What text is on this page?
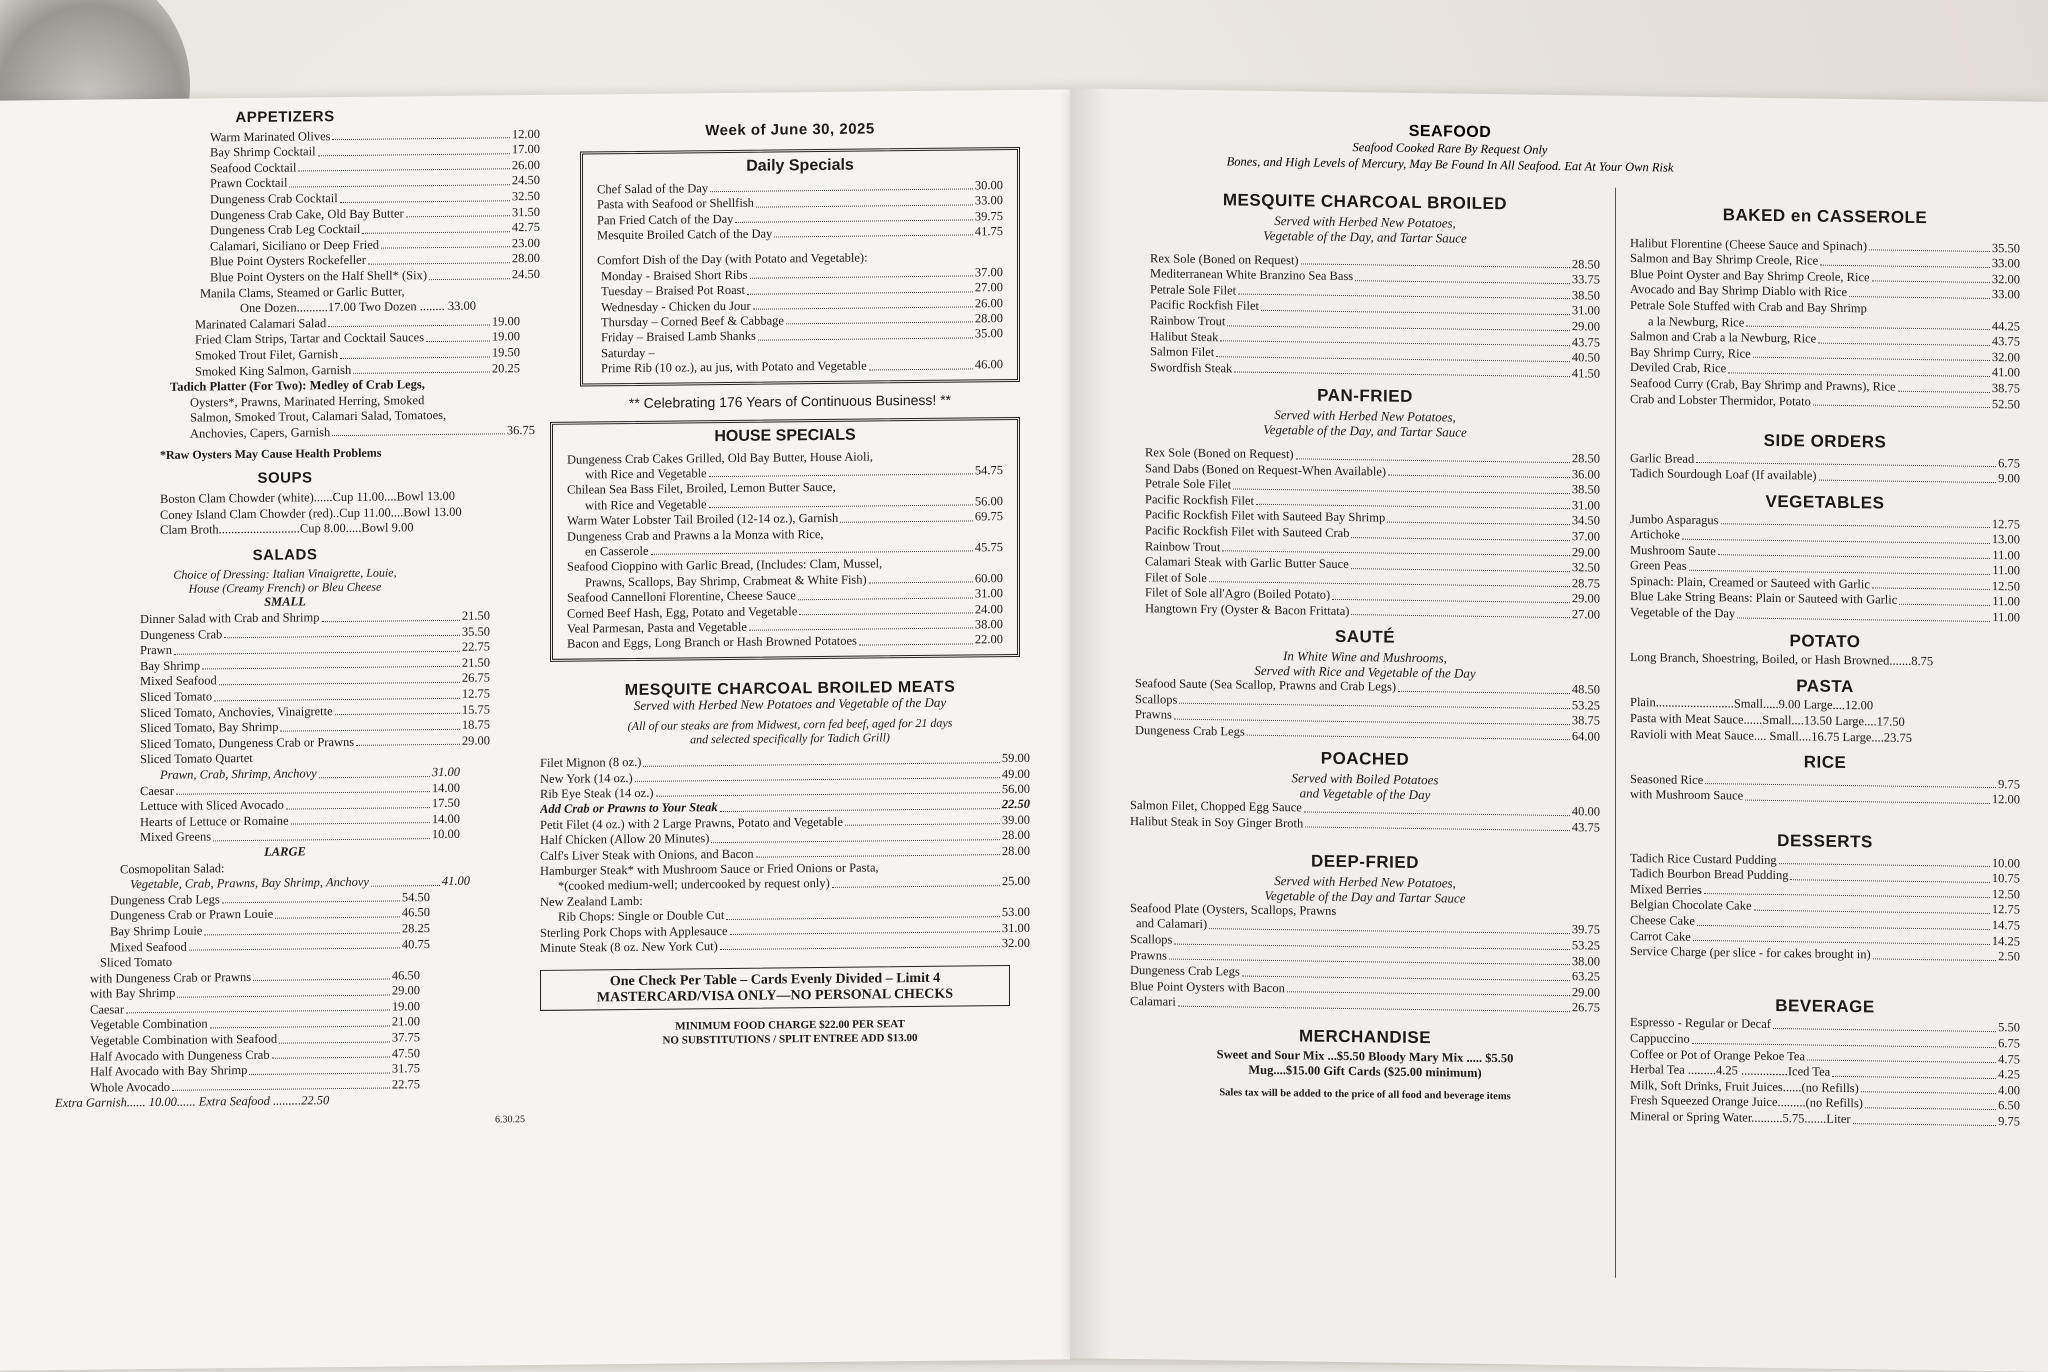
APPETIZERS
Warm Marinated Olives	12.00
Bay Shrimp Cocktail	17.00
Seafood Cocktail	26.00
Prawn Cocktail	24.50
Dungeness Crab Cocktail	32.50
Dungeness Crab Cake, Old Bay Butter	31.50
Dungeness Crab Leg Cocktail	42.75
Calamari, Siciliano or Deep Fried	23.00
Blue Point Oysters Rockefeller	28.00
Blue Point Oysters on the Half Shell* (Six)	24.50
Manila Clams, Steamed or Garlic Butter,
One Dozen..........17.00 Two Dozen ........ 33.00
Marinated Calamari Salad	19.00
Fried Clam Strips, Tartar and Cocktail Sauces	19.00
Smoked Trout Filet, Garnish	19.50
Smoked King Salmon, Garnish	20.25
Tadich Platter (For Two): Medley of Crab Legs,
Oysters*, Prawns, Marinated Herring, Smoked
Salmon, Smoked Trout, Calamari Salad, Tomatoes,
Anchovies, Capers, Garnish	36.75
*Raw Oysters May Cause Health Problems
SOUPS
Boston Clam Chowder (white)......Cup 11.00....Bowl 13.00
Coney Island Clam Chowder (red)..Cup 11.00....Bowl 13.00
Clam Broth..........................Cup 8.00.....Bowl 9.00
SALADS
Choice of Dressing: Italian Vinaigrette, Louie,
House (Creamy French) or Bleu Cheese
SMALL
Dinner Salad with Crab and Shrimp	21.50
Dungeness Crab	35.50
Prawn	22.75
Bay Shrimp	21.50
Mixed Seafood	26.75
Sliced Tomato	12.75
Sliced Tomato, Anchovies, Vinaigrette	15.75
Sliced Tomato, Bay Shrimp	18.75
Sliced Tomato, Dungeness Crab or Prawns	29.00
Sliced Tomato Quartet
Prawn, Crab, Shrimp, Anchovy	31.00
Caesar	14.00
Lettuce with Sliced Avocado	17.50
Hearts of Lettuce or Romaine	14.00
Mixed Greens	10.00
LARGE
Cosmopolitan Salad:
Vegetable, Crab, Prawns, Bay Shrimp, Anchovy	41.00
Dungeness Crab Legs	54.50
Dungeness Crab or Prawn Louie	46.50
Bay Shrimp Louie	28.25
Mixed Seafood	40.75
Sliced Tomato
with Dungeness Crab or Prawns	46.50
with Bay Shrimp	29.00
Caesar	19.00
Vegetable Combination	21.00
Vegetable Combination with Seafood	37.75
Half Avocado with Dungeness Crab	47.50
Half Avocado with Bay Shrimp	31.75
Whole Avocado	22.75
Extra Garnish...... 10.00...... Extra Seafood .........22.50
6.30.25
Week of June 30, 2025
Daily Specials
Chef Salad of the Day	30.00
Pasta with Seafood or Shellfish	33.00
Pan Fried Catch of the Day	39.75
Mesquite Broiled Catch of the Day	41.75
Comfort Dish of the Day (with Potato and Vegetable):
Monday - Braised Short Ribs	37.00
Tuesday – Braised Pot Roast	27.00
Wednesday - Chicken du Jour	26.00
Thursday – Corned Beef & Cabbage	28.00
Friday – Braised Lamb Shanks	35.00
Saturday –
Prime Rib (10 oz.), au jus, with Potato and Vegetable	46.00
** Celebrating 176 Years of Continuous Business! **
HOUSE SPECIALS
Dungeness Crab Cakes Grilled, Old Bay Butter, House Aioli,
with Rice and Vegetable	54.75
Chilean Sea Bass Filet, Broiled, Lemon Butter Sauce,
with Rice and Vegetable	56.00
Warm Water Lobster Tail Broiled (12-14 oz.), Garnish	69.75
Dungeness Crab and Prawns a la Monza with Rice,
en Casserole	45.75
Seafood Cioppino with Garlic Bread, (Includes: Clam, Mussel,
Prawns, Scallops, Bay Shrimp, Crabmeat & White Fish)	60.00
Seafood Cannelloni Florentine, Cheese Sauce	31.00
Corned Beef Hash, Egg, Potato and Vegetable	24.00
Veal Parmesan, Pasta and Vegetable	38.00
Bacon and Eggs, Long Branch or Hash Browned Potatoes	22.00
MESQUITE CHARCOAL BROILED MEATS
Served with Herbed New Potatoes and Vegetable of the Day
(All of our steaks are from Midwest, corn fed beef, aged for 21 days
and selected specifically for Tadich Grill)
Filet Mignon (8 oz.)	59.00
New York (14 oz.)	49.00
Rib Eye Steak (14 oz.)	56.00
Add Crab or Prawns to Your Steak	22.50
Petit Filet (4 oz.) with 2 Large Prawns, Potato and Vegetable	39.00
Half Chicken (Allow 20 Minutes)	28.00
Calf's Liver Steak with Onions, and Bacon	28.00
Hamburger Steak* with Mushroom Sauce or Fried Onions or Pasta,
*(cooked medium-well; undercooked by request only)	25.00
New Zealand Lamb:
Rib Chops: Single or Double Cut	53.00
Sterling Pork Chops with Applesauce	31.00
Minute Steak (8 oz. New York Cut)	32.00
One Check Per Table – Cards Evenly Divided – Limit 4
MASTERCARD/VISA ONLY—NO PERSONAL CHECKS
MINIMUM FOOD CHARGE $22.00 PER SEAT
NO SUBSTITUTIONS / SPLIT ENTREE ADD $13.00
SEAFOOD
Seafood Cooked Rare By Request Only
Bones, and High Levels of Mercury, May Be Found In All Seafood. Eat At Your Own Risk
MESQUITE CHARCOAL BROILED
Served with Herbed New Potatoes,
Vegetable of the Day, and Tartar Sauce
Rex Sole (Boned on Request)	28.50
Mediterranean White Branzino Sea Bass	33.75
Petrale Sole Filet	38.50
Pacific Rockfish Filet	31.00
Rainbow Trout	29.00
Halibut Steak	43.75
Salmon Filet	40.50
Swordfish Steak	41.50
PAN-FRIED
Served with Herbed New Potatoes,
Vegetable of the Day, and Tartar Sauce
Rex Sole (Boned on Request)	28.50
Sand Dabs (Boned on Request-When Available)	36.00
Petrale Sole Filet	38.50
Pacific Rockfish Filet	31.00
Pacific Rockfish Filet with Sauteed Bay Shrimp	34.50
Pacific Rockfish Filet with Sauteed Crab	37.00
Rainbow Trout	29.00
Calamari Steak with Garlic Butter Sauce	32.50
Filet of Sole	28.75
Filet of Sole all'Agro (Boiled Potato)	29.00
Hangtown Fry (Oyster & Bacon Frittata)	27.00
SAUTÉ
In White Wine and Mushrooms,
Served with Rice and Vegetable of the Day
Seafood Saute (Sea Scallop, Prawns and Crab Legs)	48.50
Scallops	53.25
Prawns	38.75
Dungeness Crab Legs	64.00
POACHED
Served with Boiled Potatoes
and Vegetable of the Day
Salmon Filet, Chopped Egg Sauce	40.00
Halibut Steak in Soy Ginger Broth	43.75
DEEP-FRIED
Served with Herbed New Potatoes,
Vegetable of the Day and Tartar Sauce
Seafood Plate (Oysters, Scallops, Prawns
and Calamari)	39.75
Scallops	53.25
Prawns	38.00
Dungeness Crab Legs	63.25
Blue Point Oysters with Bacon	29.00
Calamari	26.75
MERCHANDISE
Sweet and Sour Mix ...$5.50 Bloody Mary Mix ..... $5.50
Mug....$15.00 Gift Cards ($25.00 minimum)
Sales tax will be added to the price of all food and beverage items
BAKED en CASSEROLE
Halibut Florentine (Cheese Sauce and Spinach)	35.50
Salmon and Bay Shrimp Creole, Rice	33.00
Blue Point Oyster and Bay Shrimp Creole, Rice	32.00
Avocado and Bay Shrimp Diablo with Rice	33.00
Petrale Sole Stuffed with Crab and Bay Shrimp
a la Newburg, Rice	44.25
Salmon and Crab a la Newburg, Rice	43.75
Bay Shrimp Curry, Rice	32.00
Deviled Crab, Rice	41.00
Seafood Curry (Crab, Bay Shrimp and Prawns), Rice	38.75
Crab and Lobster Thermidor, Potato	52.50
SIDE ORDERS
Garlic Bread	6.75
Tadich Sourdough Loaf (If available)	9.00
VEGETABLES
Jumbo Asparagus	12.75
Artichoke	13.00
Mushroom Saute	11.00
Green Peas	11.00
Spinach: Plain, Creamed or Sauteed with Garlic	12.50
Blue Lake String Beans: Plain or Sauteed with Garlic	11.00
Vegetable of the Day	11.00
POTATO
Long Branch, Shoestring, Boiled, or Hash Browned.......8.75
PASTA
Plain.........................Small.....9.00 Large....12.00
Pasta with Meat Sauce......Small....13.50 Large....17.50
Ravioli with Meat Sauce.... Small....16.75 Large....23.75
RICE
Seasoned Rice	9.75
with Mushroom Sauce	12.00
DESSERTS
Tadich Rice Custard Pudding	10.00
Tadich Bourbon Bread Pudding	10.75
Mixed Berries	12.50
Belgian Chocolate Cake	12.75
Cheese Cake	14.75
Carrot Cake	14.25
Service Charge (per slice - for cakes brought in)	2.50
BEVERAGE
Espresso - Regular or Decaf	5.50
Cappuccino	6.75
Coffee or Pot of Orange Pekoe Tea	4.75
Herbal Tea .........4.25 ...............Iced Tea	4.25
Milk, Soft Drinks, Fruit Juices......(no Refills)	4.00
Fresh Squeezed Orange Juice.........(no Refills)	6.50
Mineral or Spring Water..........5.75.......Liter	9.75
